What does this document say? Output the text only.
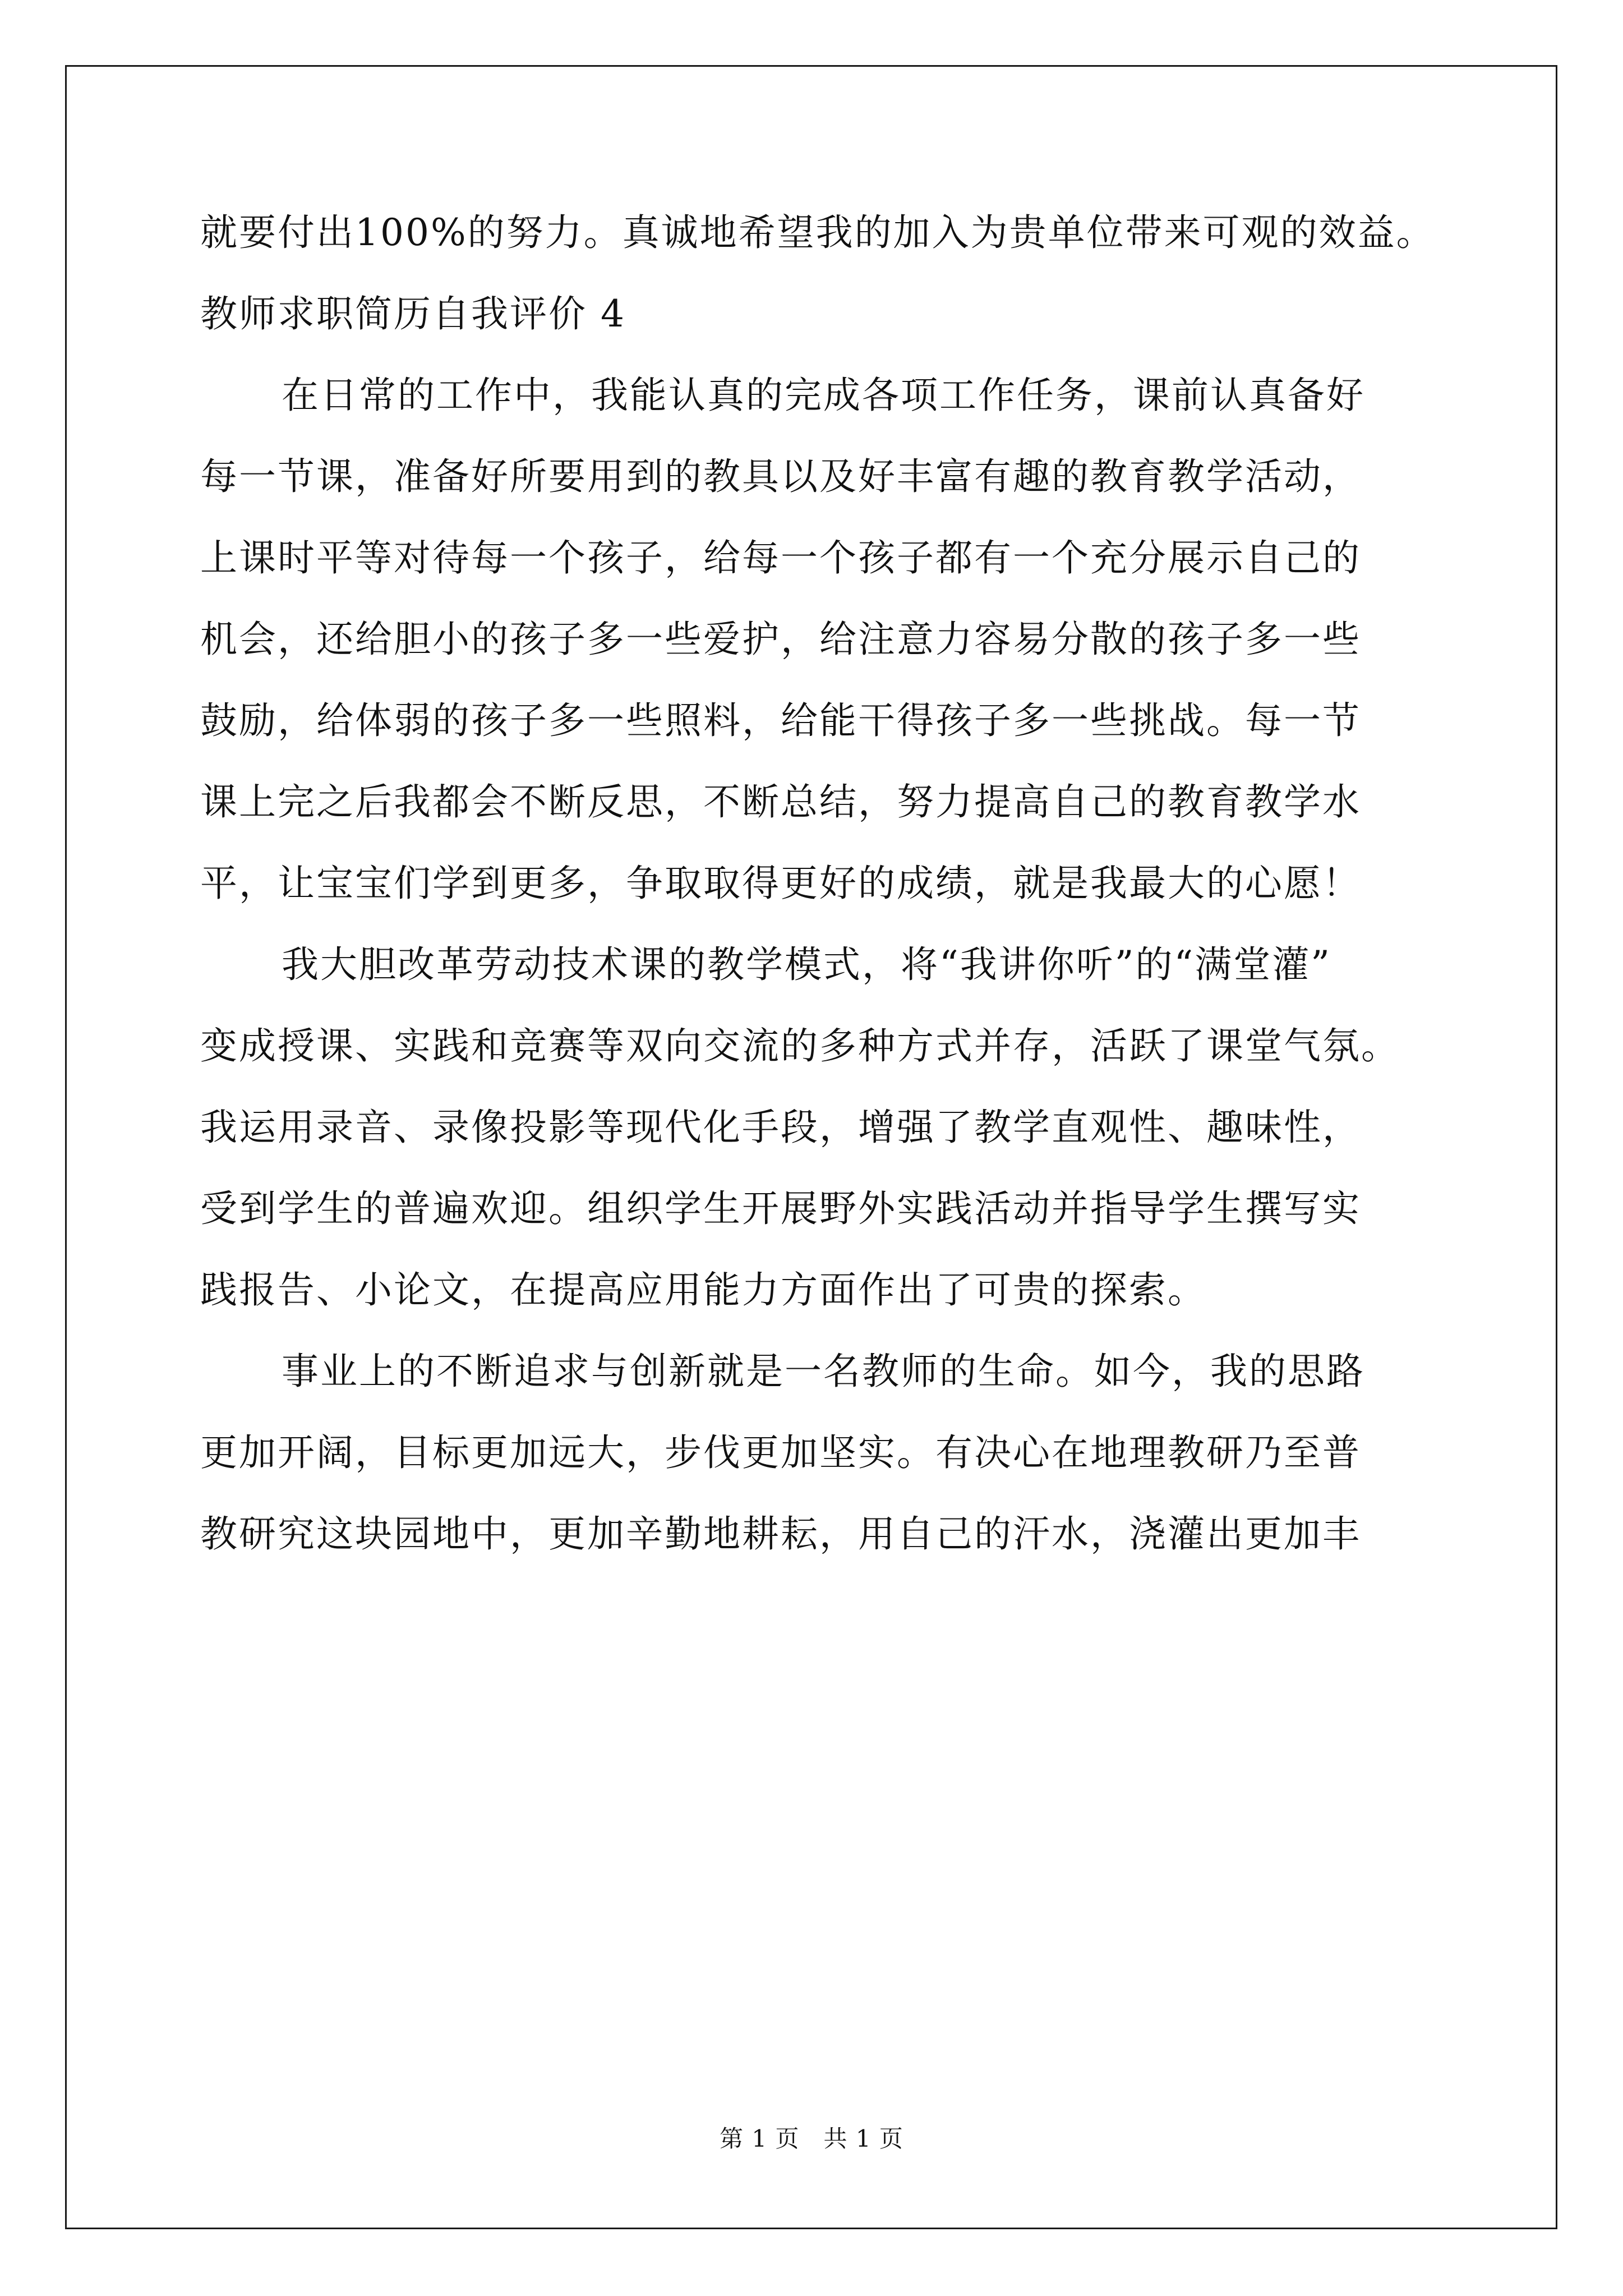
就要付出100%的努力。真诚地希望我的加入为贵单位带来可观的效益。
教师求职简历自我评价 4
在日常的工作中，我能认真的完成各项工作任务，课前认真备好
每一节课，准备好所要用到的教具以及好丰富有趣的教育教学活动，
上课时平等对待每一个孩子，给每一个孩子都有一个充分展示自己的
机会，还给胆小的孩子多一些爱护，给注意力容易分散的孩子多一些
鼓励，给体弱的孩子多一些照料，给能干得孩子多一些挑战。每一节
课上完之后我都会不断反思，不断总结，努力提高自己的教育教学水
平，让宝宝们学到更多，争取取得更好的成绩，就是我最大的心愿！
我大胆改革劳动技术课的教学模式，将“我讲你听”的“满堂灌”
变成授课、实践和竞赛等双向交流的多种方式并存，活跃了课堂气氛。
我运用录音、录像投影等现代化手段，增强了教学直观性、趣味性，
受到学生的普遍欢迎。组织学生开展野外实践活动并指导学生撰写实
践报告、小论文，在提高应用能力方面作出了可贵的探索。
事业上的不断追求与创新就是一名教师的生命。如今，我的思路
更加开阔，目标更加远大，步伐更加坚实。有决心在地理教研乃至普
教研究这块园地中，更加辛勤地耕耘，用自己的汗水，浇灌出更加丰
第 1 页　共 1 页
